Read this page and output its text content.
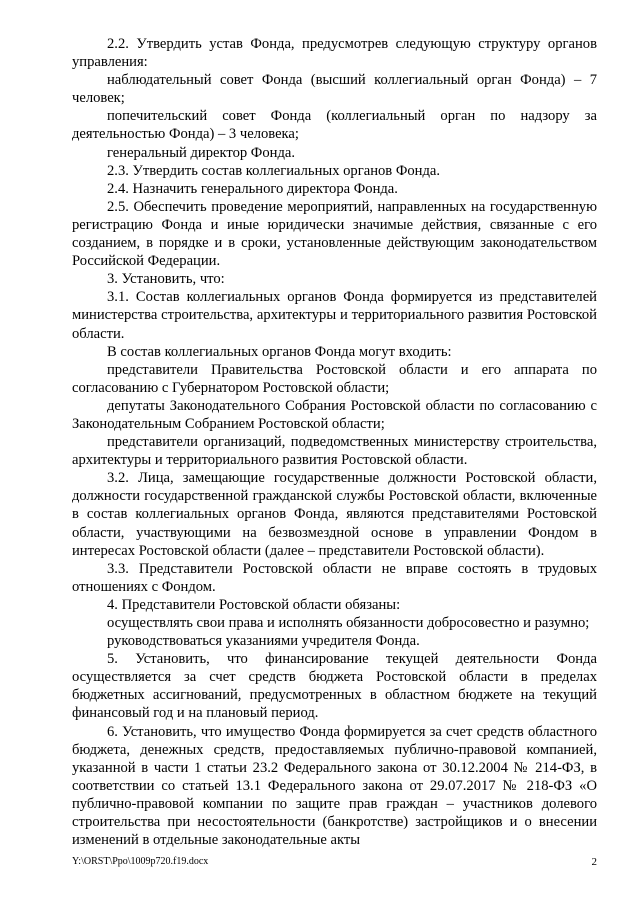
2.2. Утвердить устав Фонда, предусмотрев следующую структуру органов управления:

наблюдательный совет Фонда (высший коллегиальный орган Фонда) – 7 человек;

попечительский совет Фонда (коллегиальный орган по надзору за деятельностью Фонда) – 3 человека;

генеральный директор Фонда.

2.3. Утвердить состав коллегиальных органов Фонда.

2.4. Назначить генерального директора Фонда.

2.5. Обеспечить проведение мероприятий, направленных на государственную регистрацию Фонда и иные юридически значимые действия, связанные с его созданием, в порядке и в сроки, установленные действующим законодательством Российской Федерации.

3. Установить, что:

3.1. Состав коллегиальных органов Фонда формируется из представителей министерства строительства, архитектуры и территориального развития Ростовской области.

В состав коллегиальных органов Фонда могут входить:

представители Правительства Ростовской области и его аппарата по согласованию с Губернатором Ростовской области;

депутаты Законодательного Собрания Ростовской области по согласованию с Законодательным Собранием Ростовской области;

представители организаций, подведомственных министерству строительства, архитектуры и территориального развития Ростовской области.

3.2. Лица, замещающие государственные должности Ростовской области, должности государственной гражданской службы Ростовской области, включенные в состав коллегиальных органов Фонда, являются представителями Ростовской области, участвующими на безвозмездной основе в управлении Фондом в интересах Ростовской области (далее – представители Ростовской области).

3.3. Представители Ростовской области не вправе состоять в трудовых отношениях с Фондом.

4. Представители Ростовской области обязаны:

осуществлять свои права и исполнять обязанности добросовестно и разумно;

руководствоваться указаниями учредителя Фонда.

5. Установить, что финансирование текущей деятельности Фонда осуществляется за счет средств бюджета Ростовской области в пределах бюджетных ассигнований, предусмотренных в областном бюджете на текущий финансовый год и на плановый период.

6. Установить, что имущество Фонда формируется за счет средств областного бюджета, денежных средств, предоставляемых публично-правовой компанией, указанной в части 1 статьи 23.2 Федерального закона от 30.12.2004 № 214-ФЗ, в соответствии со статьей 13.1 Федерального закона от 29.07.2017 № 218-ФЗ «О публично-правовой компании по защите прав граждан – участников долевого строительства при несостоятельности (банкротстве) застройщиков и о внесении изменений в отдельные законодательные акты

Y:\ORST\Ppo\1009p720.f19.docx	2
